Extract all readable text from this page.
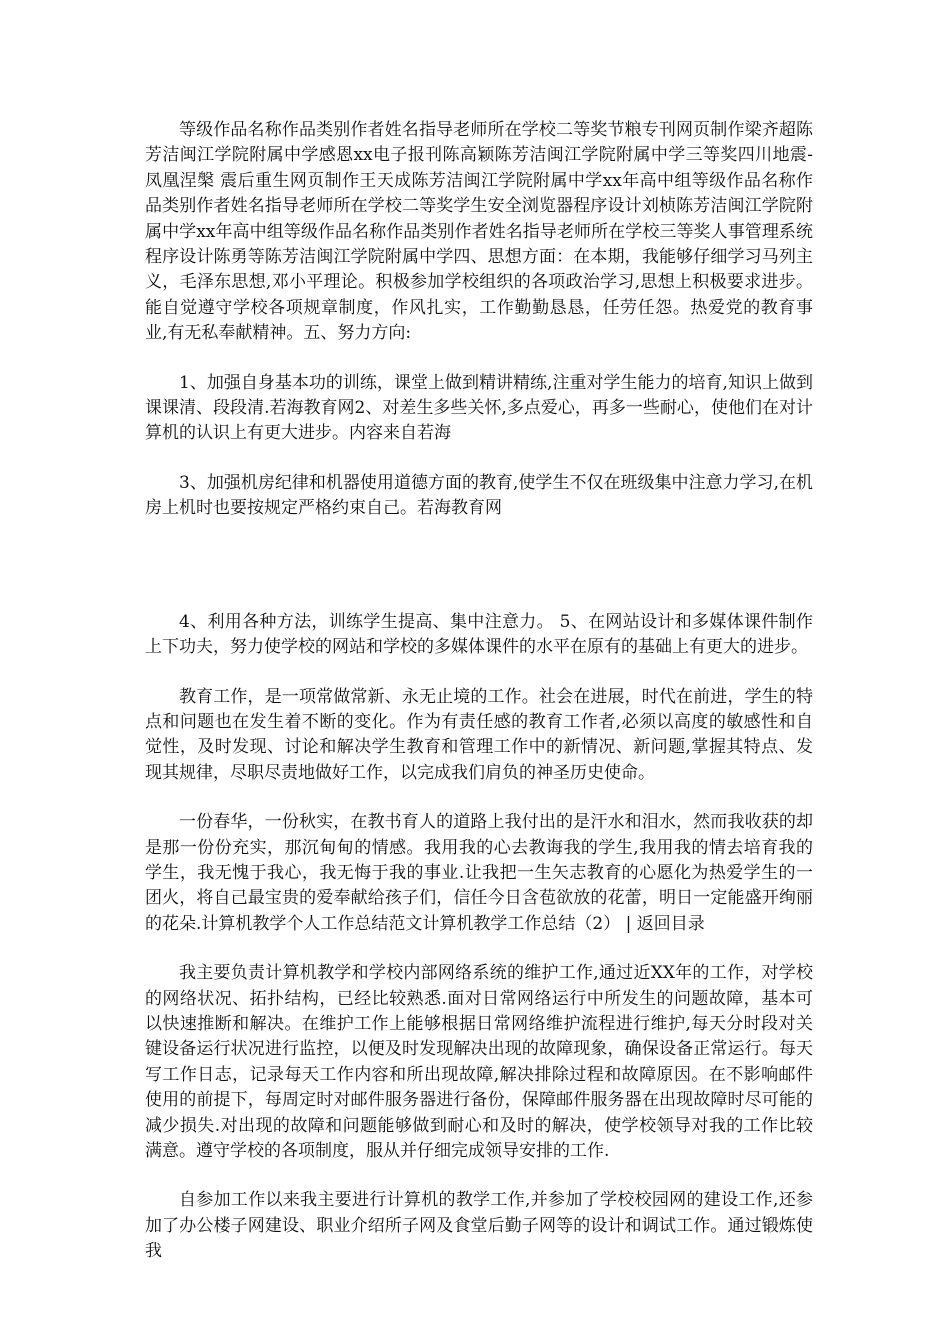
等级作品名称作品类别作者姓名指导老师所在学校二等奖节粮专刊网页制作梁齐超陈芳洁闽江学院附属中学感恩xx电子报刊陈高颖陈芳洁闽江学院附属中学三等奖四川地震-凤凰涅槃 震后重生网页制作王天成陈芳洁闽江学院附属中学xx年高中组等级作品名称作品类别作者姓名指导老师所在学校二等奖学生安全浏览器程序设计刘桢陈芳洁闽江学院附属中学xx年高中组等级作品名称作品类别作者姓名指导老师所在学校三等奖人事管理系统程序设计陈勇等陈芳洁闽江学院附属中学四、思想方面：在本期，我能够仔细学习马列主义，毛泽东思想,邓小平理论。积极参加学校组织的各项政治学习,思想上积极要求进步。能自觉遵守学校各项规章制度，作风扎实，工作勤勤恳恳，任劳任怨。热爱党的教育事业,有无私奉献精神。五、努力方向:

1、加强自身基本功的训练，课堂上做到精讲精练,注重对学生能力的培育,知识上做到课课清、段段清.若海教育网2、对差生多些关怀,多点爱心，再多一些耐心，使他们在对计算机的认识上有更大进步。内容来自若海

3、加强机房纪律和机器使用道德方面的教育,使学生不仅在班级集中注意力学习,在机房上机时也要按规定严格约束自己。若海教育网

4、利用各种方法，训练学生提高、集中注意力。 5、在网站设计和多媒体课件制作上下功夫，努力使学校的网站和学校的多媒体课件的水平在原有的基础上有更大的进步。

教育工作，是一项常做常新、永无止境的工作。社会在进展，时代在前进，学生的特点和问题也在发生着不断的变化。作为有责任感的教育工作者,必须以高度的敏感性和自觉性，及时发现、讨论和解决学生教育和管理工作中的新情况、新问题,掌握其特点、发现其规律，尽职尽责地做好工作，以完成我们肩负的神圣历史使命。

一份春华，一份秋实，在教书育人的道路上我付出的是汗水和泪水，然而我收获的却是那一份份充实，那沉甸甸的情感。我用我的心去教诲我的学生,我用我的情去培育我的学生，我无愧于我心，我无悔于我的事业.让我把一生矢志教育的心愿化为热爱学生的一团火，将自己最宝贵的爱奉献给孩子们，信任今日含苞欲放的花蕾，明日一定能盛开绚丽的花朵.计算机教学个人工作总结范文计算机教学工作总结（2） | 返回目录

我主要负责计算机教学和学校内部网络系统的维护工作,通过近XX年的工作，对学校的网络状况、拓扑结构，已经比较熟悉.面对日常网络运行中所发生的问题故障，基本可以快速推断和解决。在维护工作上能够根据日常网络维护流程进行维护,每天分时段对关键设备运行状况进行监控，以便及时发现解决出现的故障现象，确保设备正常运行。每天写工作日志，记录每天工作内容和所出现故障,解决排除过程和故障原因。在不影响邮件使用的前提下，每周定时对邮件服务器进行备份，保障邮件服务器在出现故障时尽可能的减少损失.对出现的故障和问题能够做到耐心和及时的解决，使学校领导对我的工作比较满意。遵守学校的各项制度，服从并仔细完成领导安排的工作.

自参加工作以来我主要进行计算机的教学工作,并参加了学校校园网的建设工作,还参加了办公楼子网建设、职业介绍所子网及食堂后勤子网等的设计和调试工作。通过锻炼使我
